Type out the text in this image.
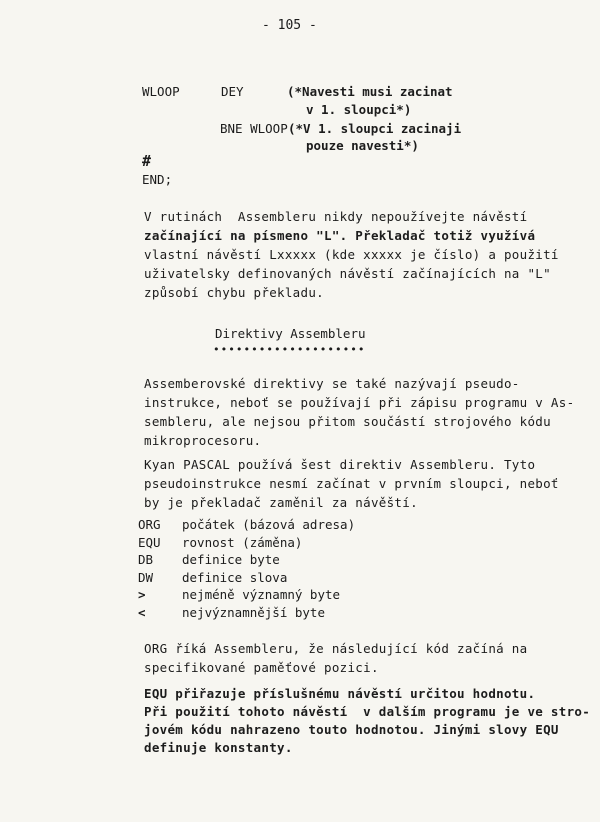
- 105 -
WLOOP	DEY	(*Navesti musi zacinat
v 1. sloupci*)
BNE WLOOP (*V 1. sloupci zacinaji
pouze navesti*)
#
END;
V rutinách  Assembleru nikdy nepoužívejte návěstí
začínající na písmeno "L". Překladač totiž využívá
vlastní návěstí Lxxxxx (kde xxxxx je číslo) a použití
uživatelsky definovaných návěstí začínajících na "L"
způsobí chybu překladu.
Direktivy Assembleru
••••••••••••••••••••
Assemberovské direktivy se také nazývají pseudo-
instrukce, neboť se používají při zápisu programu v As-
sembleru, ale nejsou přitom součástí strojového kódu
mikroprocesoru.
Kyan PASCAL používá šest direktiv Assembleru. Tyto
pseudoinstrukce nesmí začínat v prvním sloupci, neboť
by je překladač zaměnil za návěští.
ORG	počátek (bázová adresa)
EQU	rovnost (záměna)
DB	definice byte
DW	definice slova
>	nejméně významný byte
<	nejvýznamnější byte
ORG říká Assembleru, že následující kód začíná na
specifikované paměťové pozici.
EQU přiřazuje příslušnému návěstí určitou hodnotu.
Při použití tohoto návěstí  v dalším programu je ve stro-
jovém kódu nahrazeno touto hodnotou. Jinými slovy EQU
definuje konstanty.
